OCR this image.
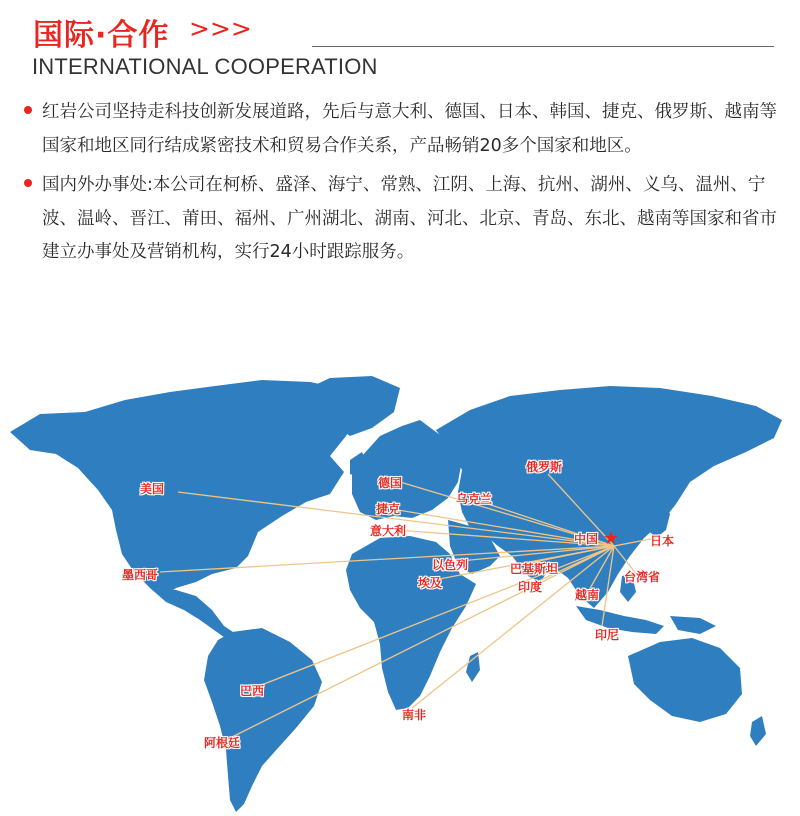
国际·合作 >>>
INTERNATIONAL COOPERATION
红岩公司坚持走科技创新发展道路，先后与意大利、德国、日本、韩国、捷克、俄罗斯、越南等国家和地区同行结成紧密技术和贸易合作关系，产品畅销20多个国家和地区。
国内外办事处:本公司在柯桥、盛泽、海宁、常熟、江阴、上海、抗州、湖州、义乌、温州、宁波、温岭、晋江、莆田、福州、广州湖北、湖南、河北、北京、青岛、东北、越南等国家和省市建立办事处及营销机构，实行24小时跟踪服务。
★
美国
墨西哥
德国
捷克
意大利
乌克兰
俄罗斯
中国	日本
以色列
埃及
巴基斯坦
印度
越南
台湾省
印尼
巴西
南非
阿根廷
